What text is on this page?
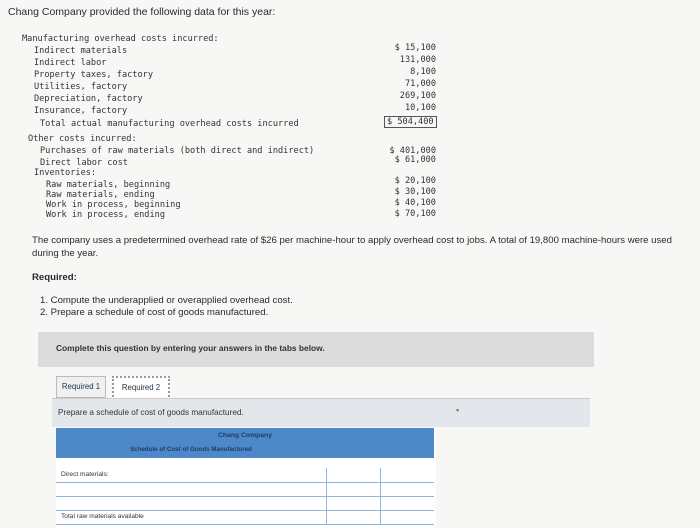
Chang Company provided the following data for this year:
Manufacturing overhead costs incurred:
Indirect materials
Indirect labor
Property taxes, factory
Utilities, factory
Depreciation, factory
Insurance, factory
Total actual manufacturing overhead costs incurred
$ 15,100
131,000
8,100
71,000
269,100
10,100
$ 504,400
Other costs incurred:
Purchases of raw materials (both direct and indirect)
Direct labor cost
$ 401,000
$ 61,000
Inventories:
Raw materials, beginning
Raw materials, ending
Work in process, beginning
Work in process, ending
$ 20,100
$ 30,100
$ 40,100
$ 70,100
The company uses a predetermined overhead rate of $26 per machine-hour to apply overhead cost to jobs. A total of 19,800 machine-hours were used during the year.
Required:
1. Compute the underapplied or overapplied overhead cost.
2. Prepare a schedule of cost of goods manufactured.
Complete this question by entering your answers in the tabs below.
Required 1	Required 2
Prepare a schedule of cost of goods manufactured.	▪
Chang Company
Schedule of Cost of Goods Manufactured
Direct materials:
Total raw materials available
